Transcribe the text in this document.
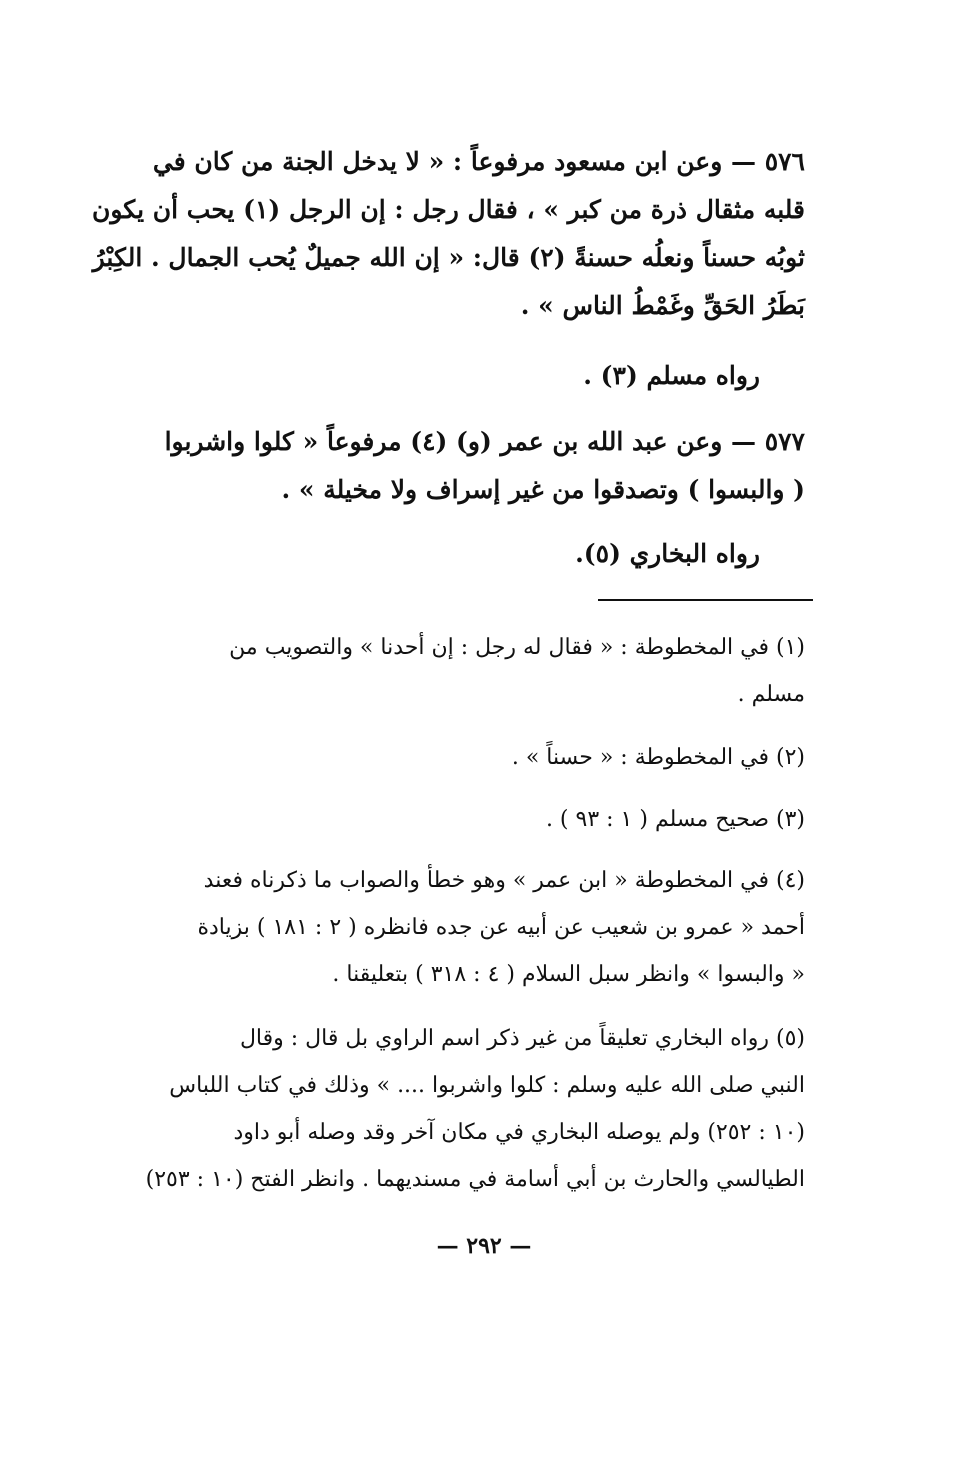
٥٧٦ — وعن ابن مسعود مرفوعاً : « لا يدخل الجنة من كان في
قلبه مثقال ذرة من كبر » ، فقال رجل : إن الرجل (١) يحب أن يكون
ثوبُه حسناً ونعلُه حسنةً (٢) قال: « إن الله جميلٌ يُحب الجمال . الكِبْرُ
بَطَرُ الحَقِّ وغَمْطُ الناس » .
رواه مسلم (٣) .
٥٧٧ — وعن عبد الله بن عمر (و) (٤) مرفوعاً « كلوا واشربوا
( والبسوا ) وتصدقوا من غير إسراف ولا مخيلة » .
رواه البخاري (٥).
(١) في المخطوطة : « فقال له رجل : إن أحدنا » والتصويب من
مسلم .
(٢) في المخطوطة : « حسناً » .
(٣) صحيح مسلم ( ١ : ٩٣ ) .
(٤) في المخطوطة « ابن عمر » وهو خطأ والصواب ما ذكرناه فعند
أحمد « عمرو بن شعيب عن أبيه عن جده فانظره ( ٢ : ١٨١ ) بزيادة
« والبسوا » وانظر سبل السلام ( ٤ : ٣١٨ ) بتعليقنا .
(٥) رواه البخاري تعليقاً من غير ذكر اسم الراوي بل قال : وقال
النبي صلى الله عليه وسلم : كلوا واشربوا .... » وذلك في كتاب اللباس
(١٠ : ٢٥٢) ولم يوصله البخاري في مكان آخر وقد وصله أبو داود
الطيالسي والحارث بن أبي أسامة في مسنديهما . وانظر الفتح (١٠ : ٢٥٣)
— ٢٩٢ —
